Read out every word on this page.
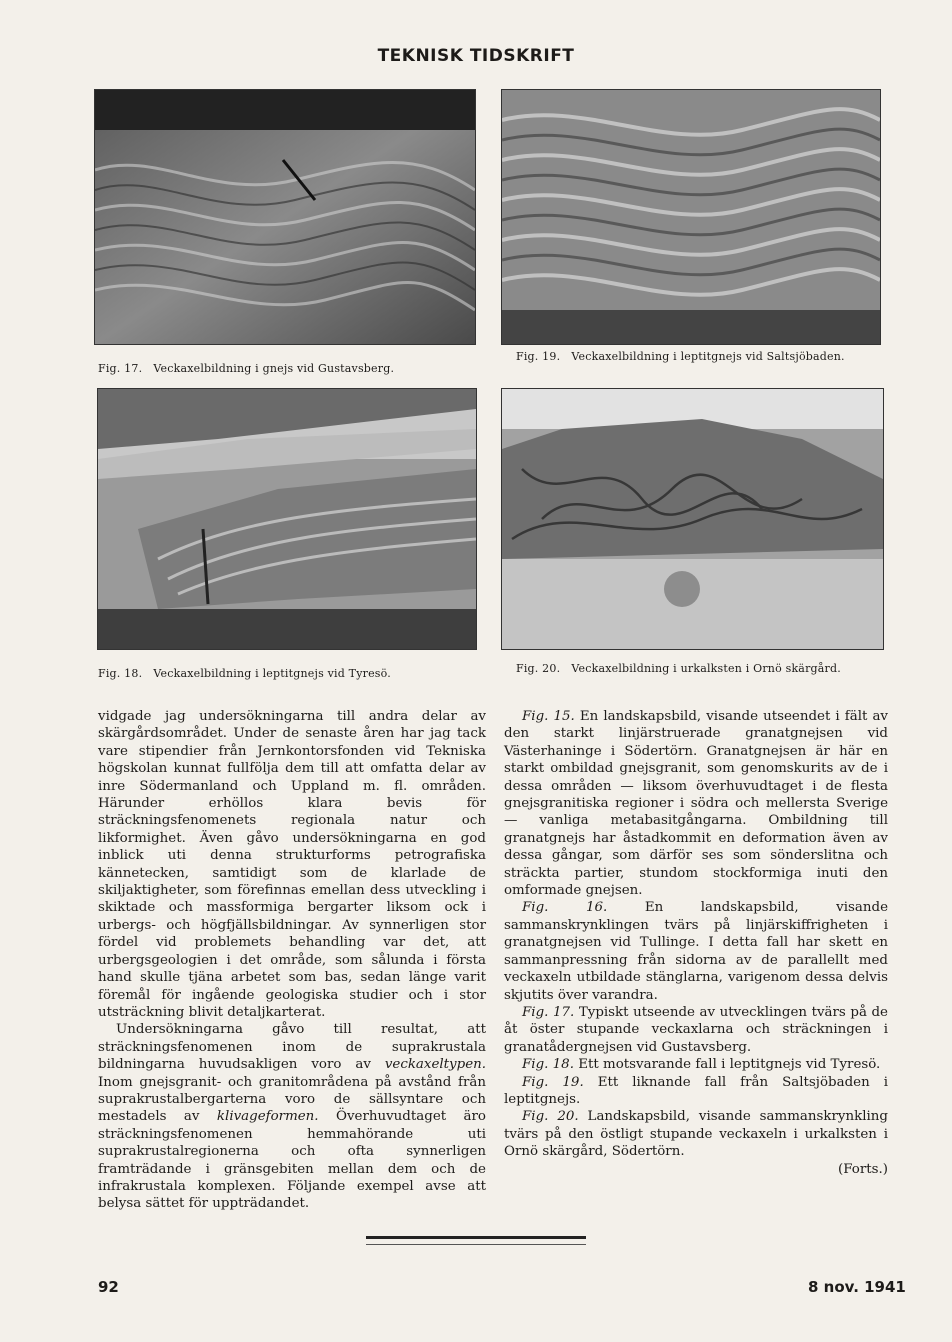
TEKNISK TIDSKRIFT
Fig. 17. Veckaxelbildning i gnejs vid Gustavsberg.
Fig. 19. Veckaxelbildning i leptitgnejs vid Saltsjöbaden.
Fig. 18. Veckaxelbildning i leptitgnejs vid Tyresö.	Fig. 20. Veckaxelbildning i urkalksten i Ornö skärgård.

vidgade jag undersökningarna till andra delar av skärgårdsområdet. Under de senaste åren har jag tack vare stipendier från Jernkontorsfonden vid Tekniska högskolan kunnat fullfölja dem till att omfatta delar av inre Södermanland och Uppland m. fl. områden. Härunder erhöllos klara bevis för sträckningsfenomenets regionala natur och likformighet. Även gåvo undersökningarna en god inblick uti denna strukturforms petrografiska kännetecken, samtidigt som de klarlade de skiljaktigheter, som förefinnas emellan dess utveckling i skiktade och massformiga bergarter liksom ock i urbergs- och högfjällsbildningar. Av synnerligen stor fördel vid problemets behandling var det, att urbergsgeologien i det område, som sålunda i första hand skulle tjäna arbetet som bas, sedan länge varit föremål för ingående geologiska studier och i stor utsträckning blivit detaljkarterat.

Undersökningarna gåvo till resultat, att sträckningsfenomenen inom de suprakrustala bildningarna huvudsakligen voro av veckaxeltypen. Inom gnejsgranit- och granitområdena på avstånd från suprakrustalbergarterna voro de sällsyntare och mestadels av klivageformen. Överhuvudtaget äro sträckningsfenomenen hemmahörande uti suprakrustalregionerna och ofta synnerligen framträdande i gränsgebiten mellan dem och de infrakrustala komplexen. Följande exempel avse att belysa sättet för uppträdandet.

Fig. 15. En landskapsbild, visande utseendet i fält av den starkt linjärstruerade granatgnejsen vid Västerhaninge i Södertörn. Granatgnejsen är här en starkt ombildad gnejsgranit, som genomskurits av de i dessa områden — liksom överhuvudtaget i de flesta gnejsgranitiska regioner i södra och mellersta Sverige — vanliga metabasitgångarna. Ombildning till granatgnejs har åstadkommit en deformation även av dessa gångar, som därför ses som sönderslitna och sträckta partier, stundom stockformiga inuti den omformade gnejsen.

Fig. 16. En landskapsbild, visande sammanskrynklingen tvärs på linjärskiffrigheten i granatgnejsen vid Tullinge. I detta fall har skett en sammanpressning från sidorna av de parallellt med veckaxeln utbildade stänglarna, varigenom dessa delvis skjutits över varandra.

Fig. 17. Typiskt utseende av utvecklingen tvärs på de åt öster stupande veckaxlarna och sträckningen i granatådergnejsen vid Gustavsberg.

Fig. 18. Ett motsvarande fall i leptitgnejs vid Tyresö.

Fig. 19. Ett liknande fall från Saltsjöbaden i leptitgnejs.

Fig. 20. Landskapsbild, visande sammanskrynkling tvärs på den östligt stupande veckaxeln i urkalksten i Ornö skärgård, Södertörn.

(Forts.)

92	8 nov. 1941
